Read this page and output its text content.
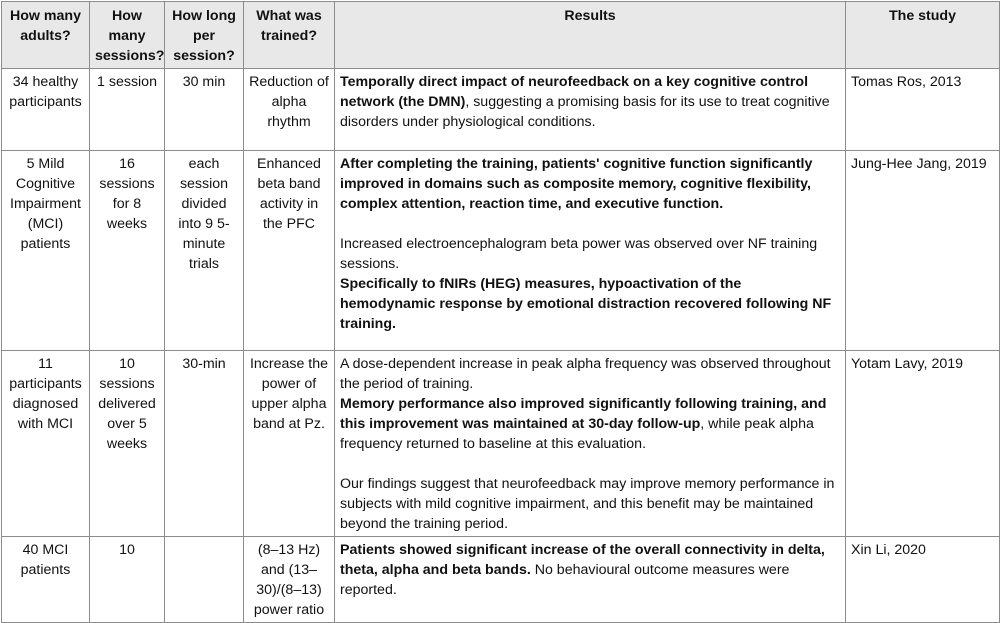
How many adults?	How many sessions?	How long per session?	What was trained?	Results	The study
34 healthy participants	1 session	30 min	Reduction of alpha rhythm	Temporally direct impact of neurofeedback on a key cognitive control network (the DMN), suggesting a promising basis for its use to treat cognitive disorders under physiological conditions.	Tomas Ros, 2013
5 Mild Cognitive Impairment (MCI) patients	16 sessions for 8 weeks	each session divided into 9 5-minute trials	Enhanced beta band activity in the PFC	After completing the training, patients' cognitive function significantly improved in domains such as composite memory, cognitive flexibility, complex attention, reaction time, and executive function.

Increased electroencephalogram beta power was observed over NF training sessions.

Specifically to fNIRs (HEG) measures, hypoactivation of the hemodynamic response by emotional distraction recovered following NF training.	Jung-Hee Jang, 2019
11 participants diagnosed with MCI	10 sessions delivered over 5 weeks	30-min	Increase the power of upper alpha band at Pz.	A dose-dependent increase in peak alpha frequency was observed throughout the period of training.

Memory performance also improved significantly following training, and this improvement was maintained at 30-day follow-up, while peak alpha frequency returned to baseline at this evaluation.

Our findings suggest that neurofeedback may improve memory performance in subjects with mild cognitive impairment, and this benefit may be maintained beyond the training period.	Yotam Lavy, 2019
40 MCI patients	10		(8–13 Hz) and (13–30)/(8–13) power ratio	Patients showed significant increase of the overall connectivity in delta, theta, alpha and beta bands. No behavioural outcome measures were reported.	Xin Li, 2020
